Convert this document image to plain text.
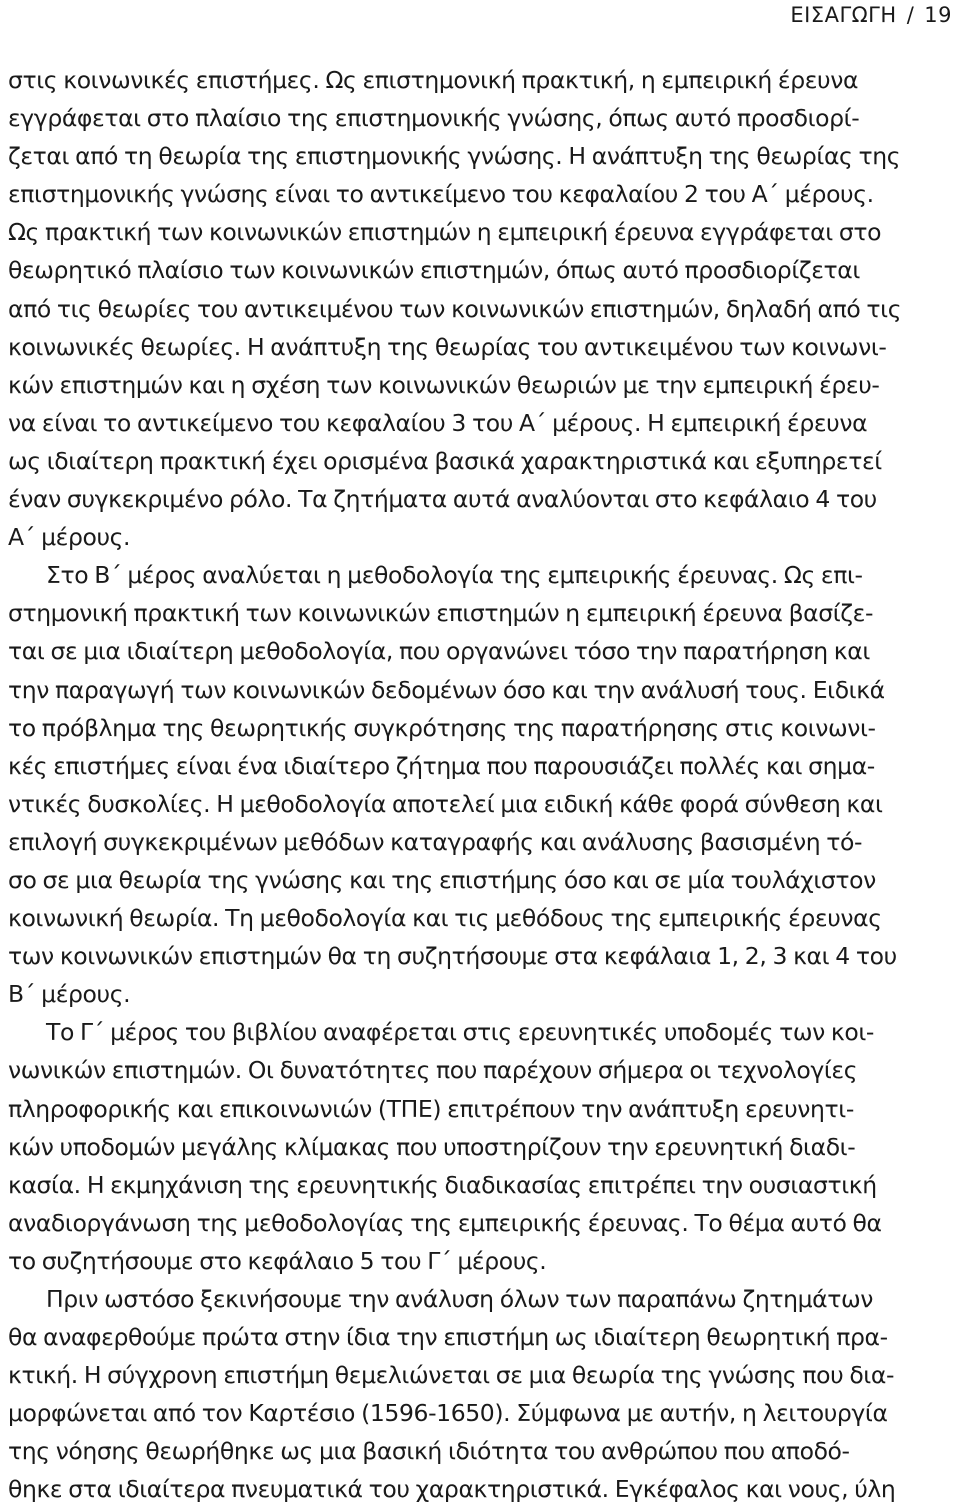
ΕΙΣΑΓΩΓΗ / 19
στις κοινωνικές επιστήμες. Ως επιστημονική πρακτική, η εμπειρική έρευνα
εγγράφεται στο πλαίσιο της επιστημονικής γνώσης, όπως αυτό προσδιορί-
ζεται από τη θεωρία της επιστημονικής γνώσης. Η ανάπτυξη της θεωρίας της
επιστημονικής γνώσης είναι το αντικείμενο του κεφαλαίου 2 του Α΄ μέρους.
Ως πρακτική των κοινωνικών επιστημών η εμπειρική έρευνα εγγράφεται στο
θεωρητικό πλαίσιο των κοινωνικών επιστημών, όπως αυτό προσδιορίζεται
από τις θεωρίες του αντικειμένου των κοινωνικών επιστημών, δηλαδή από τις
κοινωνικές θεωρίες. Η ανάπτυξη της θεωρίας του αντικειμένου των κοινωνι-
κών επιστημών και η σχέση των κοινωνικών θεωριών με την εμπειρική έρευ-
να είναι το αντικείμενο του κεφαλαίου 3 του Α΄ μέρους. Η εμπειρική έρευνα
ως ιδιαίτερη πρακτική έχει ορισμένα βασικά χαρακτηριστικά και εξυπηρετεί
έναν συγκεκριμένο ρόλο. Τα ζητήματα αυτά αναλύονται στο κεφάλαιο 4 του
Α΄ μέρους.
Στο Β΄ μέρος αναλύεται η μεθοδολογία της εμπειρικής έρευνας. Ως επι-
στημονική πρακτική των κοινωνικών επιστημών η εμπειρική έρευνα βασίζε-
ται σε μια ιδιαίτερη μεθοδολογία, που οργανώνει τόσο την παρατήρηση και
την παραγωγή των κοινωνικών δεδομένων όσο και την ανάλυσή τους. Ειδικά
το πρόβλημα της θεωρητικής συγκρότησης της παρατήρησης στις κοινωνι-
κές επιστήμες είναι ένα ιδιαίτερο ζήτημα που παρουσιάζει πολλές και σημα-
ντικές δυσκολίες. Η μεθοδολογία αποτελεί μια ειδική κάθε φορά σύνθεση και
επιλογή συγκεκριμένων μεθόδων καταγραφής και ανάλυσης βασισμένη τό-
σο σε μια θεωρία της γνώσης και της επιστήμης όσο και σε μία τουλάχιστον
κοινωνική θεωρία. Τη μεθοδολογία και τις μεθόδους της εμπειρικής έρευνας
των κοινωνικών επιστημών θα τη συζητήσουμε στα κεφάλαια 1, 2, 3 και 4 του
Β΄ μέρους.
Το Γ΄ μέρος του βιβλίου αναφέρεται στις ερευνητικές υποδομές των κοι-
νωνικών επιστημών. Οι δυνατότητες που παρέχουν σήμερα οι τεχνολογίες
πληροφορικής και επικοινωνιών (ΤΠΕ) επιτρέπουν την ανάπτυξη ερευνητι-
κών υποδομών μεγάλης κλίμακας που υποστηρίζουν την ερευνητική διαδι-
κασία. Η εκμηχάνιση της ερευνητικής διαδικασίας επιτρέπει την ουσιαστική
αναδιοργάνωση της μεθοδολογίας της εμπειρικής έρευνας. Το θέμα αυτό θα
το συζητήσουμε στο κεφάλαιο 5 του Γ΄ μέρους.
Πριν ωστόσο ξεκινήσουμε την ανάλυση όλων των παραπάνω ζητημάτων
θα αναφερθούμε πρώτα στην ίδια την επιστήμη ως ιδιαίτερη θεωρητική πρα-
κτική. Η σύγχρονη επιστήμη θεμελιώνεται σε μια θεωρία της γνώσης που δια-
μορφώνεται από τον Καρτέσιο (1596-1650). Σύμφωνα με αυτήν, η λειτουργία
της νόησης θεωρήθηκε ως μια βασική ιδιότητα του ανθρώπου που αποδό-
θηκε στα ιδιαίτερα πνευματικά του χαρακτηριστικά. Εγκέφαλος και νους, ύλη
